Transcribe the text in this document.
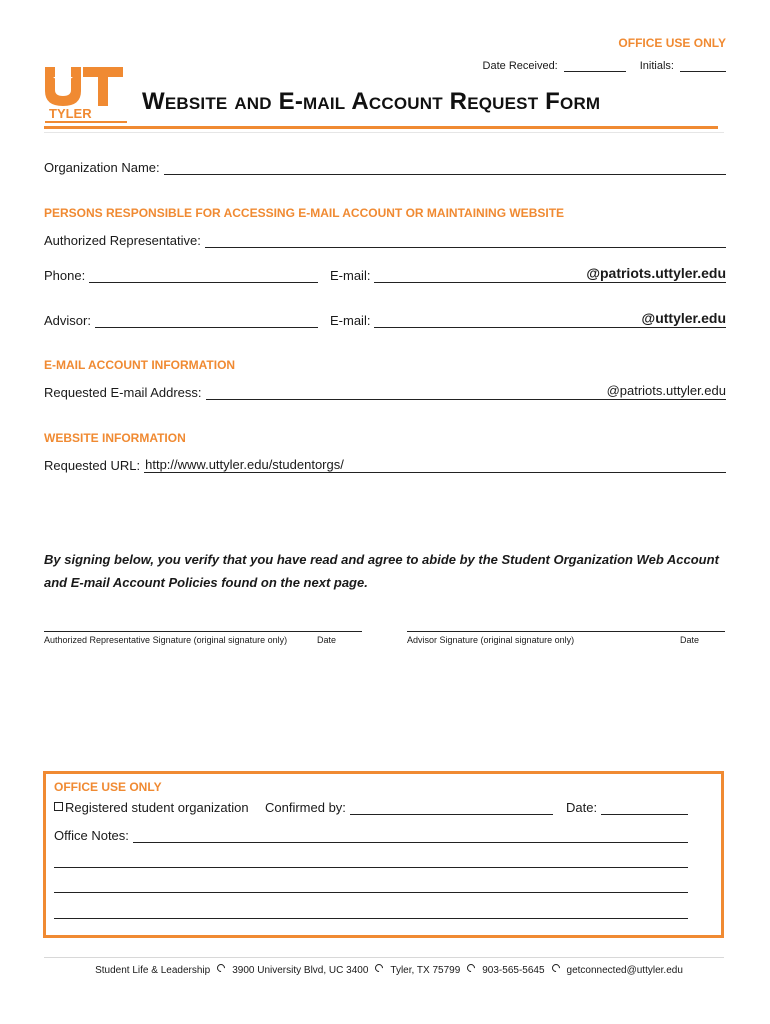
OFFICE USE ONLY
Date Received:	Initials:
TYLER Website and E-mail Account Request Form
Organization Name:
PERSONS RESPONSIBLE FOR ACCESSING E-MAIL ACCOUNT OR MAINTAINING WEBSITE
Authorized Representative:
Phone:	E-mail:	@patriots.uttyler.edu
Advisor:	E-mail:	@uttyler.edu
E-MAIL ACCOUNT INFORMATION
Requested E-mail Address:	@patriots.uttyler.edu
WEBSITE INFORMATION
Requested URL: http://www.uttyler.edu/studentorgs/
By signing below, you verify that you have read and agree to abide by the Student Organization Web Account and E-mail Account Policies found on the next page.
Authorized Representative Signature (original signature only)	Date	Advisor Signature (original signature only)	Date
OFFICE USE ONLY
Registered student organization Confirmed by:	Date:
Office Notes:
Student Life & Leadership 3900 University Blvd, UC 3400 Tyler, TX 75799 903-565-5645 getconnected@uttyler.edu
